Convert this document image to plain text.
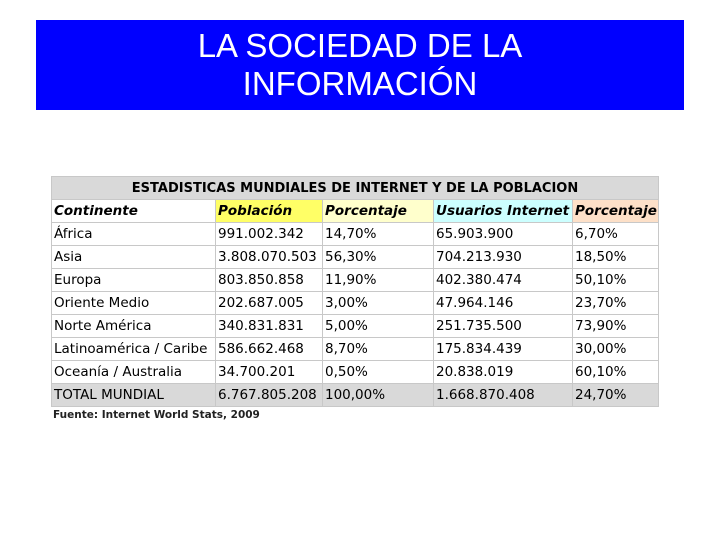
LA SOCIEDAD DE LA
INFORMACIÓN
ESTADISTICAS MUNDIALES DE INTERNET Y DE LA POBLACION				
Continente	Población	Porcentaje	Usuarios Internet	Porcentaje
África	991.002.342	14,70%	65.903.900	6,70%
Asia	3.808.070.503	56,30%	704.213.930	18,50%
Europa	803.850.858	11,90%	402.380.474	50,10%
Oriente Medio	202.687.005	3,00%	47.964.146	23,70%
Norte América	340.831.831	5,00%	251.735.500	73,90%
Latinoamérica / Caribe	586.662.468	8,70%	175.834.439	30,00%
Oceanía / Australia	34.700.201	0,50%	20.838.019	60,10%
TOTAL MUNDIAL	6.767.805.208	100,00%	1.668.870.408	24,70%
Fuente: Internet World Stats, 2009
